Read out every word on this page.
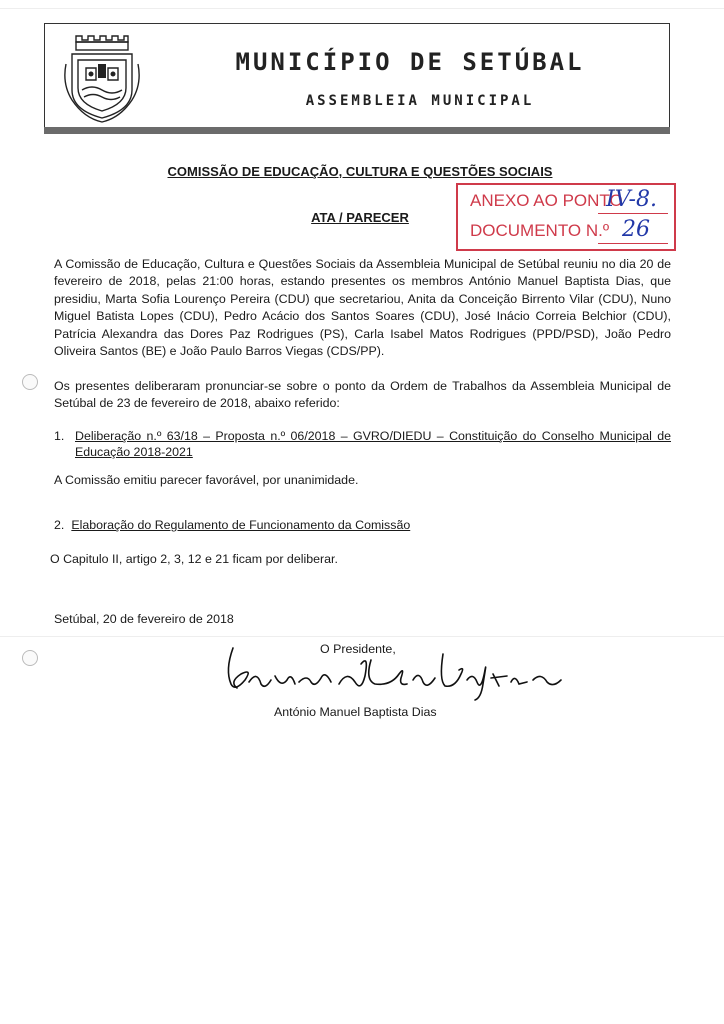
MUNICÍPIO DE SETÚBAL
ASSEMBLEIA MUNICIPAL
COMISSÃO DE EDUCAÇÃO, CULTURA E QUESTÕES SOCIAIS
ATA / PARECER
ANEXO AO PONTO
IV-8.
DOCUMENTO N.º 26
A Comissão de Educação, Cultura e Questões Sociais da Assembleia Municipal de Setúbal reuniu no dia 20 de fevereiro de 2018, pelas 21:00 horas, estando presentes os membros António Manuel Baptista Dias, que presidiu, Marta Sofia Lourenço Pereira (CDU) que secretariou, Anita da Conceição Birrento Vilar (CDU), Nuno Miguel Batista Lopes (CDU), Pedro Acácio dos Santos Soares (CDU), José Inácio Correia Belchior (CDU), Patrícia Alexandra das Dores Paz Rodrigues (PS), Carla Isabel Matos Rodrigues (PPD/PSD), João Pedro Oliveira Santos (BE) e João Paulo Barros Viegas (CDS/PP).
Os presentes deliberaram pronunciar-se sobre o ponto da Ordem de Trabalhos da Assembleia Municipal de Setúbal de 23 de fevereiro de 2018, abaixo referido:
1. Deliberação n.º 63/18 – Proposta n.º 06/2018 – GVRO/DIEDU – Constituição do Conselho Municipal de Educação 2018-2021
A Comissão emitiu parecer favorável, por unanimidade.
2. Elaboração do Regulamento de Funcionamento da Comissão
O Capitulo II, artigo 2, 3, 12 e 21 ficam por deliberar.
Setúbal, 20 de fevereiro de 2018
O Presidente,
António Manuel Baptista Dias
